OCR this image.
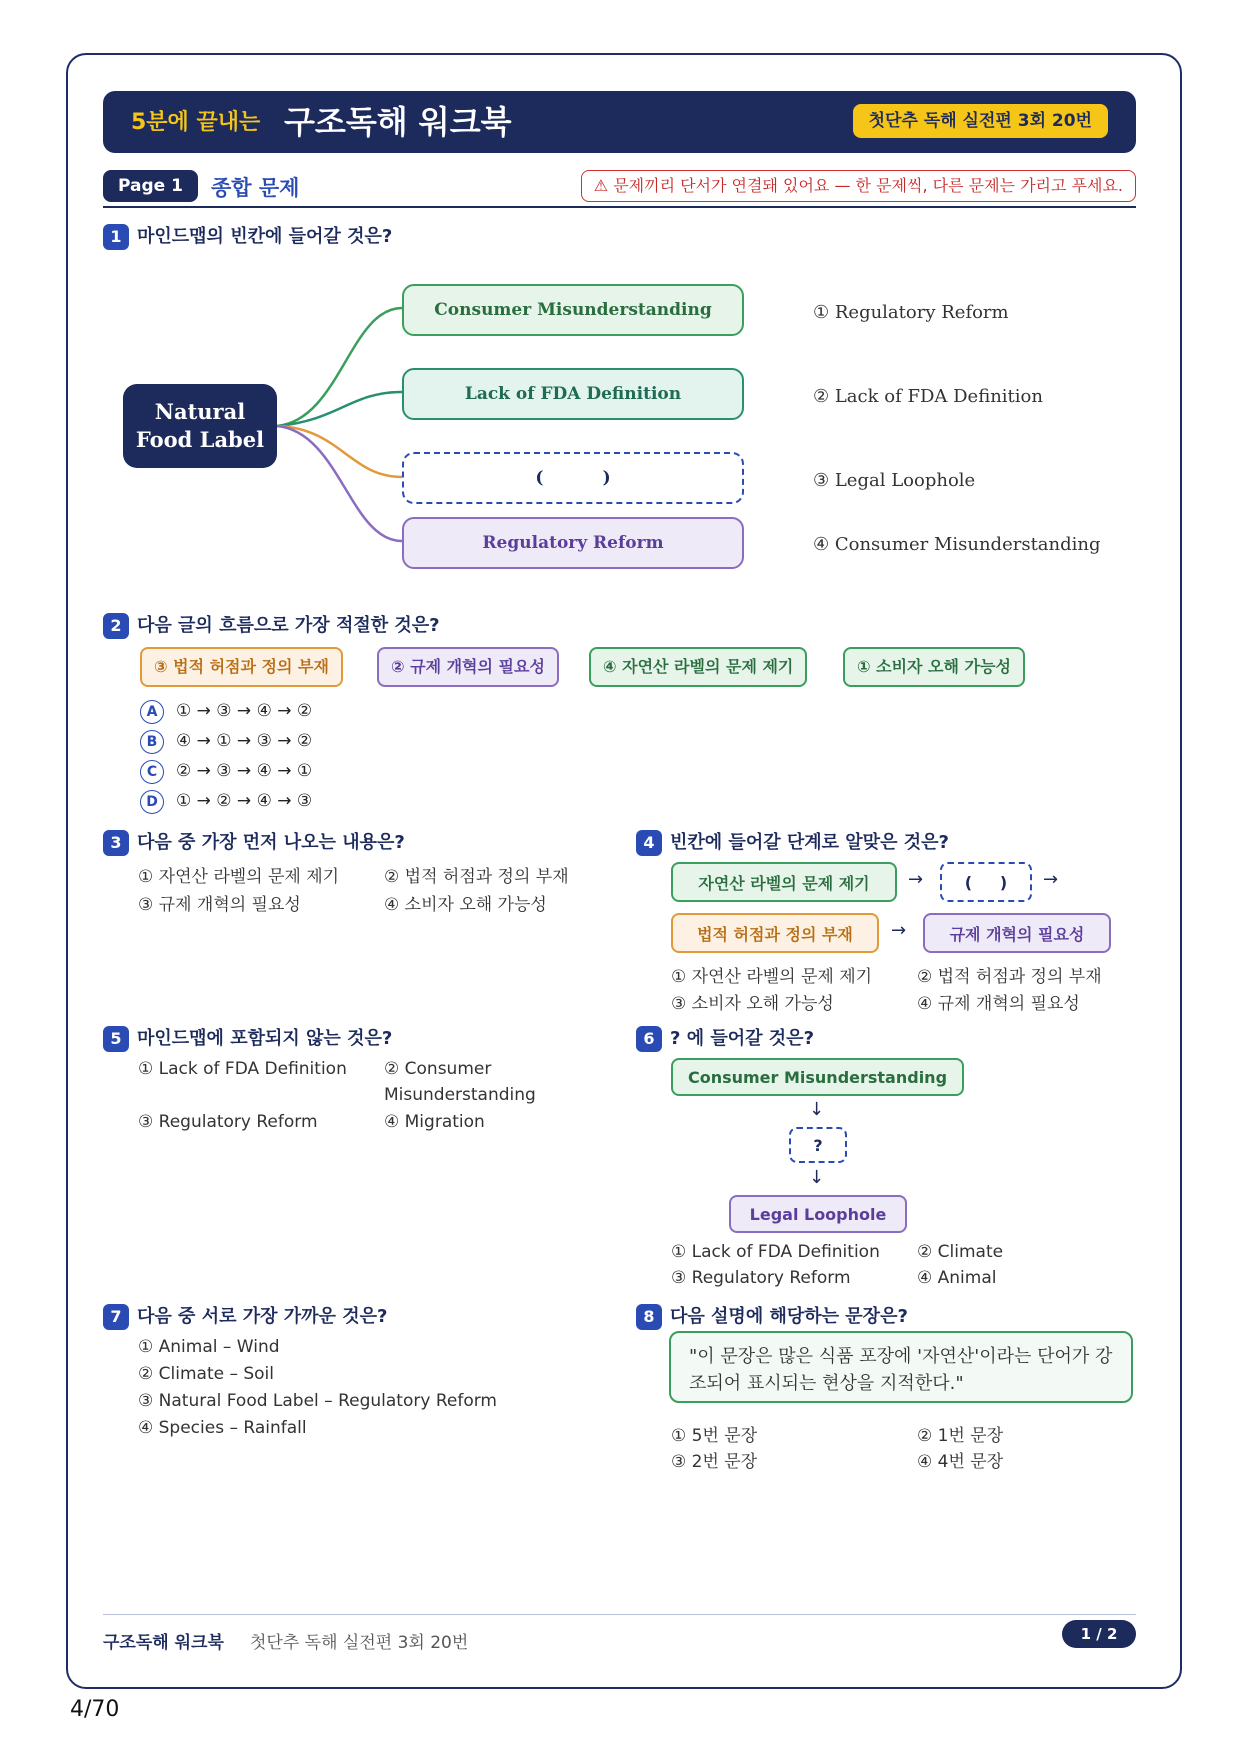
5분에 끝내는 구조독해 워크북	첫단추 독해 실전편 3회 20번
Page 1	종합 문제	⚠ 문제끼리 단서가 연결돼 있어요 — 한 문제씩, 다른 문제는 가리고 푸세요.
1 마인드맵의 빈칸에 들어갈 것은?
Natural Food Label
Consumer Misunderstanding
Lack of FDA Definition
(          )
Regulatory Reform
① Regulatory Reform
② Lack of FDA Definition
③ Legal Loophole
④ Consumer Misunderstanding
2 다음 글의 흐름으로 가장 적절한 것은?
③ 법적 허점과 정의 부재	② 규제 개혁의 필요성	④ 자연산 라벨의 문제 제기	① 소비자 오해 가능성
A ① → ③ → ④ → ②
B ④ → ① → ③ → ②
C ② → ③ → ④ → ①
D ① → ② → ④ → ③
3 다음 중 가장 먼저 나오는 내용은?
① 자연산 라벨의 문제 제기	② 법적 허점과 정의 부재
③ 규제 개혁의 필요성	④ 소비자 오해 가능성
4 빈칸에 들어갈 단계로 알맞은 것은?
자연산 라벨의 문제 제기	→	(     )	→
법적 허점과 정의 부재	→	규제 개혁의 필요성
① 자연산 라벨의 문제 제기	② 법적 허점과 정의 부재
③ 소비자 오해 가능성	④ 규제 개혁의 필요성
5 마인드맵에 포함되지 않는 것은?
① Lack of FDA Definition ② Consumer
Misunderstanding
③ Regulatory Reform	④ Migration
6 ? 에 들어갈 것은?
Consumer Misunderstanding
↓
?
↓
Legal Loophole
① Lack of FDA Definition ② Climate
③ Regulatory Reform	④ Animal
7 다음 중 서로 가장 가까운 것은?
① Animal – Wind
② Climate – Soil
③ Natural Food Label – Regulatory Reform
④ Species – Rainfall
8 다음 설명에 해당하는 문장은?
"이 문장은 많은 식품 포장에 '자연산'이라는 단어가 강조되어 표시되는 현상을 지적한다."
① 5번 문장	② 1번 문장
③ 2번 문장	④ 4번 문장
구조독해 워크북 첫단추 독해 실전편 3회 20번	1 / 2
4/70
